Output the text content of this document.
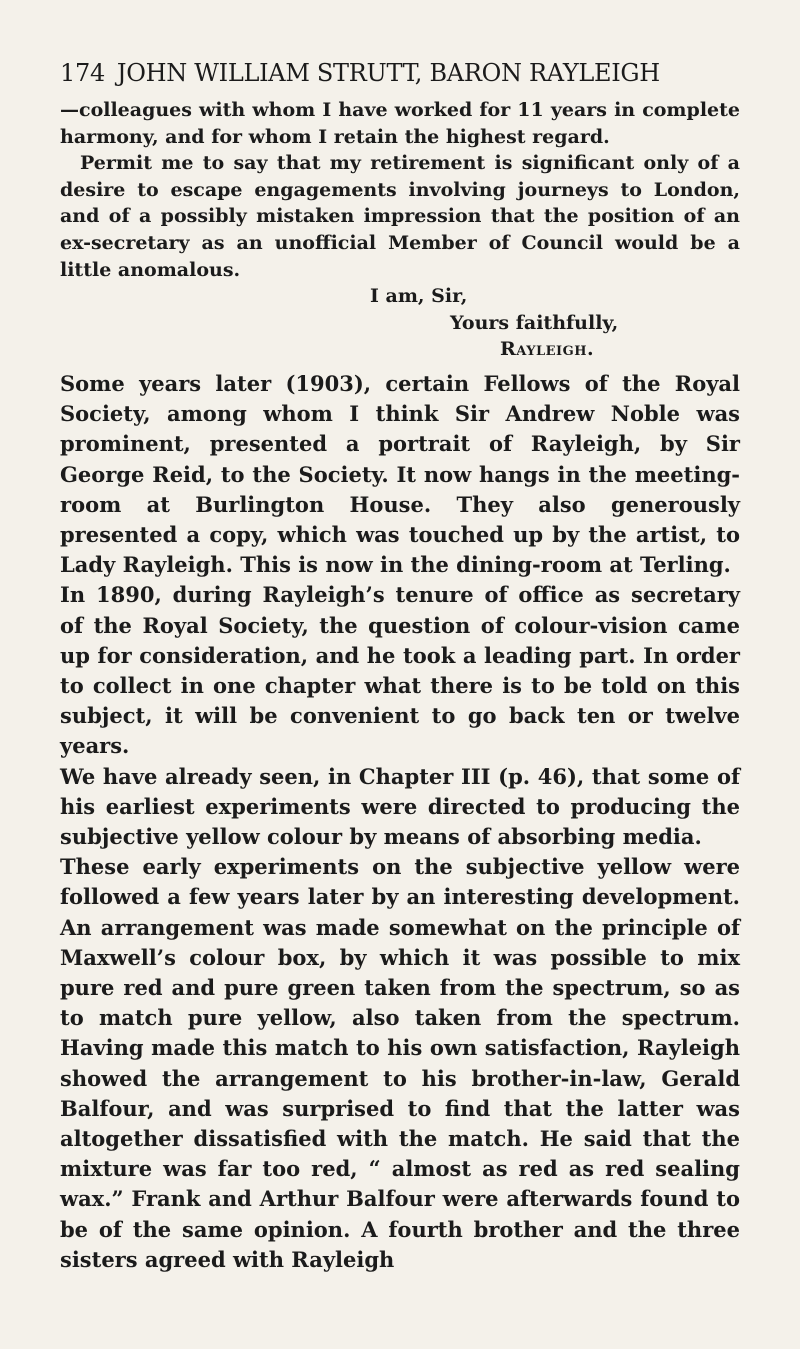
174 JOHN WILLIAM STRUTT, BARON RAYLEIGH

—colleagues with whom I have worked for 11 years in complete harmony, and for whom I retain the highest regard.

Permit me to say that my retirement is significant only of a desire to escape engagements involving journeys to London, and of a possibly mistaken impression that the position of an ex-secretary as an unofficial Member of Council would be a little anomalous.

I am, Sir,
Yours faithfully,
Rayleigh.

Some years later (1903), certain Fellows of the Royal Society, among whom I think Sir Andrew Noble was prominent, presented a portrait of Rayleigh, by Sir George Reid, to the Society. It now hangs in the meeting-room at Burlington House. They also generously presented a copy, which was touched up by the artist, to Lady Rayleigh. This is now in the dining-room at Terling.

In 1890, during Rayleigh’s tenure of office as secretary of the Royal Society, the question of colour-vision came up for consideration, and he took a leading part. In order to collect in one chapter what there is to be told on this subject, it will be convenient to go back ten or twelve years.

We have already seen, in Chapter III (p. 46), that some of his earliest experiments were directed to producing the subjective yellow colour by means of absorbing media.

These early experiments on the subjective yellow were followed a few years later by an interesting development. An arrangement was made somewhat on the principle of Maxwell’s colour box, by which it was possible to mix pure red and pure green taken from the spectrum, so as to match pure yellow, also taken from the spectrum. Having made this match to his own satisfaction, Rayleigh showed the arrangement to his brother-in-law, Gerald Balfour, and was surprised to find that the latter was altogether dissatisfied with the match. He said that the mixture was far too red, “ almost as red as red sealing wax.” Frank and Arthur Balfour were afterwards found to be of the same opinion. A fourth brother and the three sisters agreed with Rayleigh
